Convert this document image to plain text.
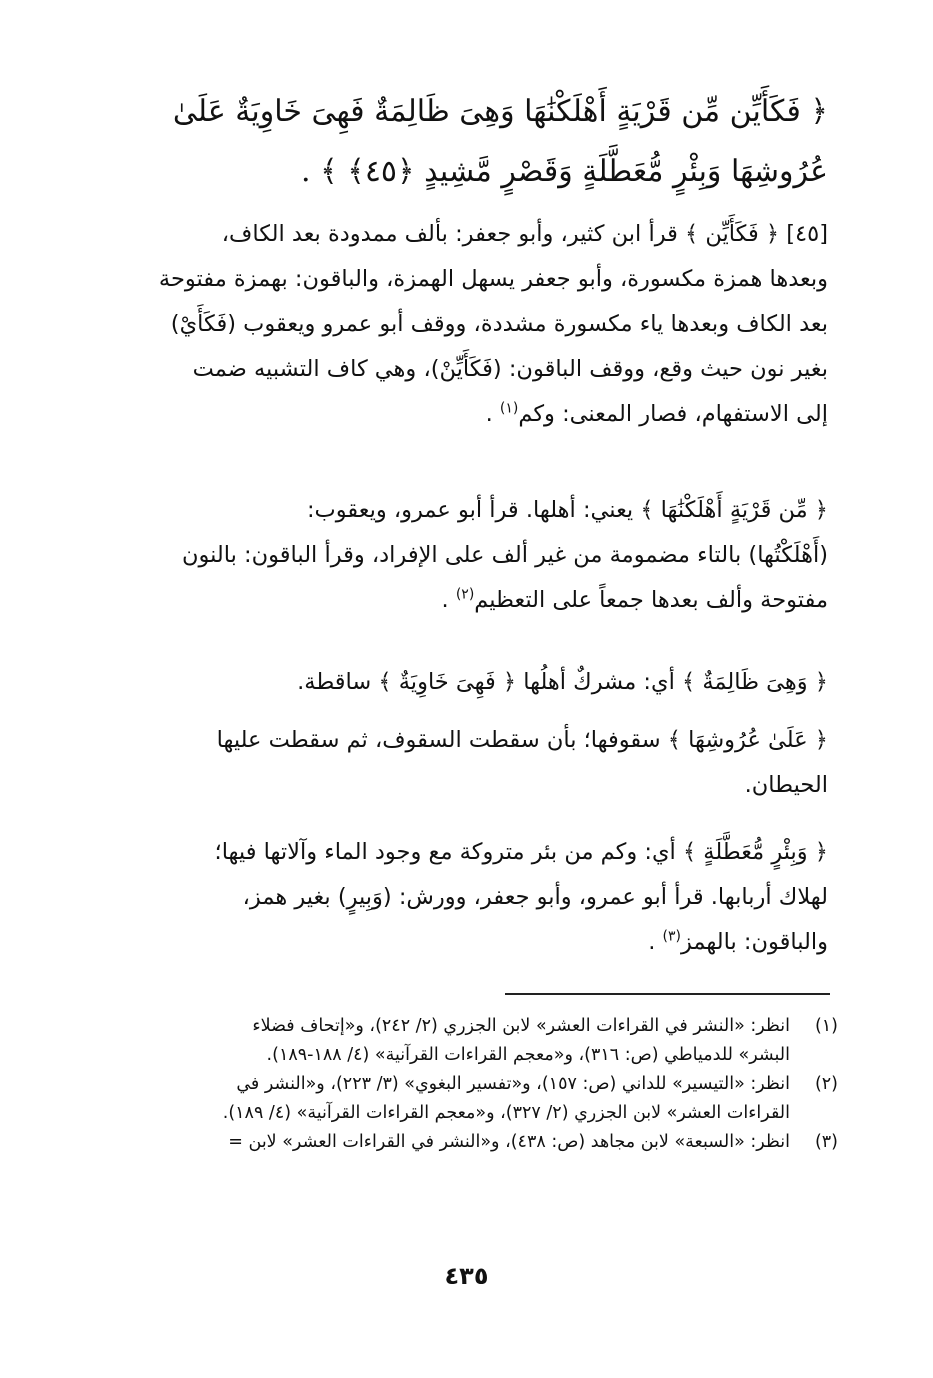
﴿ فَكَأَيِّن مِّن قَرْيَةٍ أَهْلَكْنَٰهَا وَهِىَ ظَالِمَةٌ فَهِىَ خَاوِيَةٌ عَلَىٰ
عُرُوشِهَا وَبِئْرٍ مُّعَطَّلَةٍ وَقَصْرٍ مَّشِيدٍ ﴿٤٥﴾ ﴾ .
[٤٥] ﴿ فَكَأَيِّن ﴾ قرأ ابن كثير، وأبو جعفر: بألف ممدودة بعد الكاف،
وبعدها همزة مكسورة، وأبو جعفر يسهل الهمزة، والباقون: بهمزة مفتوحة
بعد الكاف وبعدها ياء مكسورة مشددة، ووقف أبو عمرو ويعقوب (فَكَأَيْ)
بغير نون حيث وقع، ووقف الباقون: (فَكَأَيِّنْ)، وهي كاف التشبيه ضمت
إلى الاستفهام، فصار المعنى: وكم$^{(١)}$ .
﴿ مِّن قَرْيَةٍ أَهْلَكْنَٰهَا ﴾ يعني: أهلها. قرأ أبو عمرو، ويعقوب:
(أَهْلَكْتُها) بالتاء مضمومة من غير ألف على الإفراد، وقرأ الباقون: بالنون
مفتوحة وألف بعدها جمعاً على التعظيم$^{(٢)}$ .
﴿ وَهِىَ ظَالِمَةٌ ﴾ أي: مشركٌ أهلُها ﴿ فَهِىَ خَاوِيَةٌ ﴾ ساقطة.
﴿ عَلَىٰ عُرُوشِهَا ﴾ سقوفها؛ بأن سقطت السقوف، ثم سقطت عليها
الحيطان.
﴿ وَبِئْرٍ مُّعَطَّلَةٍ ﴾ أي: وكم من بئر متروكة مع وجود الماء وآلاتها فيها؛
لهلاك أربابها. قرأ أبو عمرو، وأبو جعفر، وورش: (وَبِيرٍ) بغير همز،
والباقون: بالهمز$^{(٣)}$ .
(١)
انظر: «النشر في القراءات العشر» لابن الجزري (٢/ ٢٤٢)، و«إتحاف فضلاء
البشر» للدمياطي (ص: ٣١٦)، و«معجم القراءات القرآنية» (٤/ ١٨٨-١٨٩).
(٢)
انظر: «التيسير» للداني (ص: ١٥٧)، و«تفسير البغوي» (٣/ ٢٢٣)، و«النشر في
القراءات العشر» لابن الجزري (٢/ ٣٢٧)، و«معجم القراءات القرآنية» (٤/ ١٨٩).
(٣)
انظر: «السبعة» لابن مجاهد (ص: ٤٣٨)، و«النشر في القراءات العشر» لابن =
٤٣٥
